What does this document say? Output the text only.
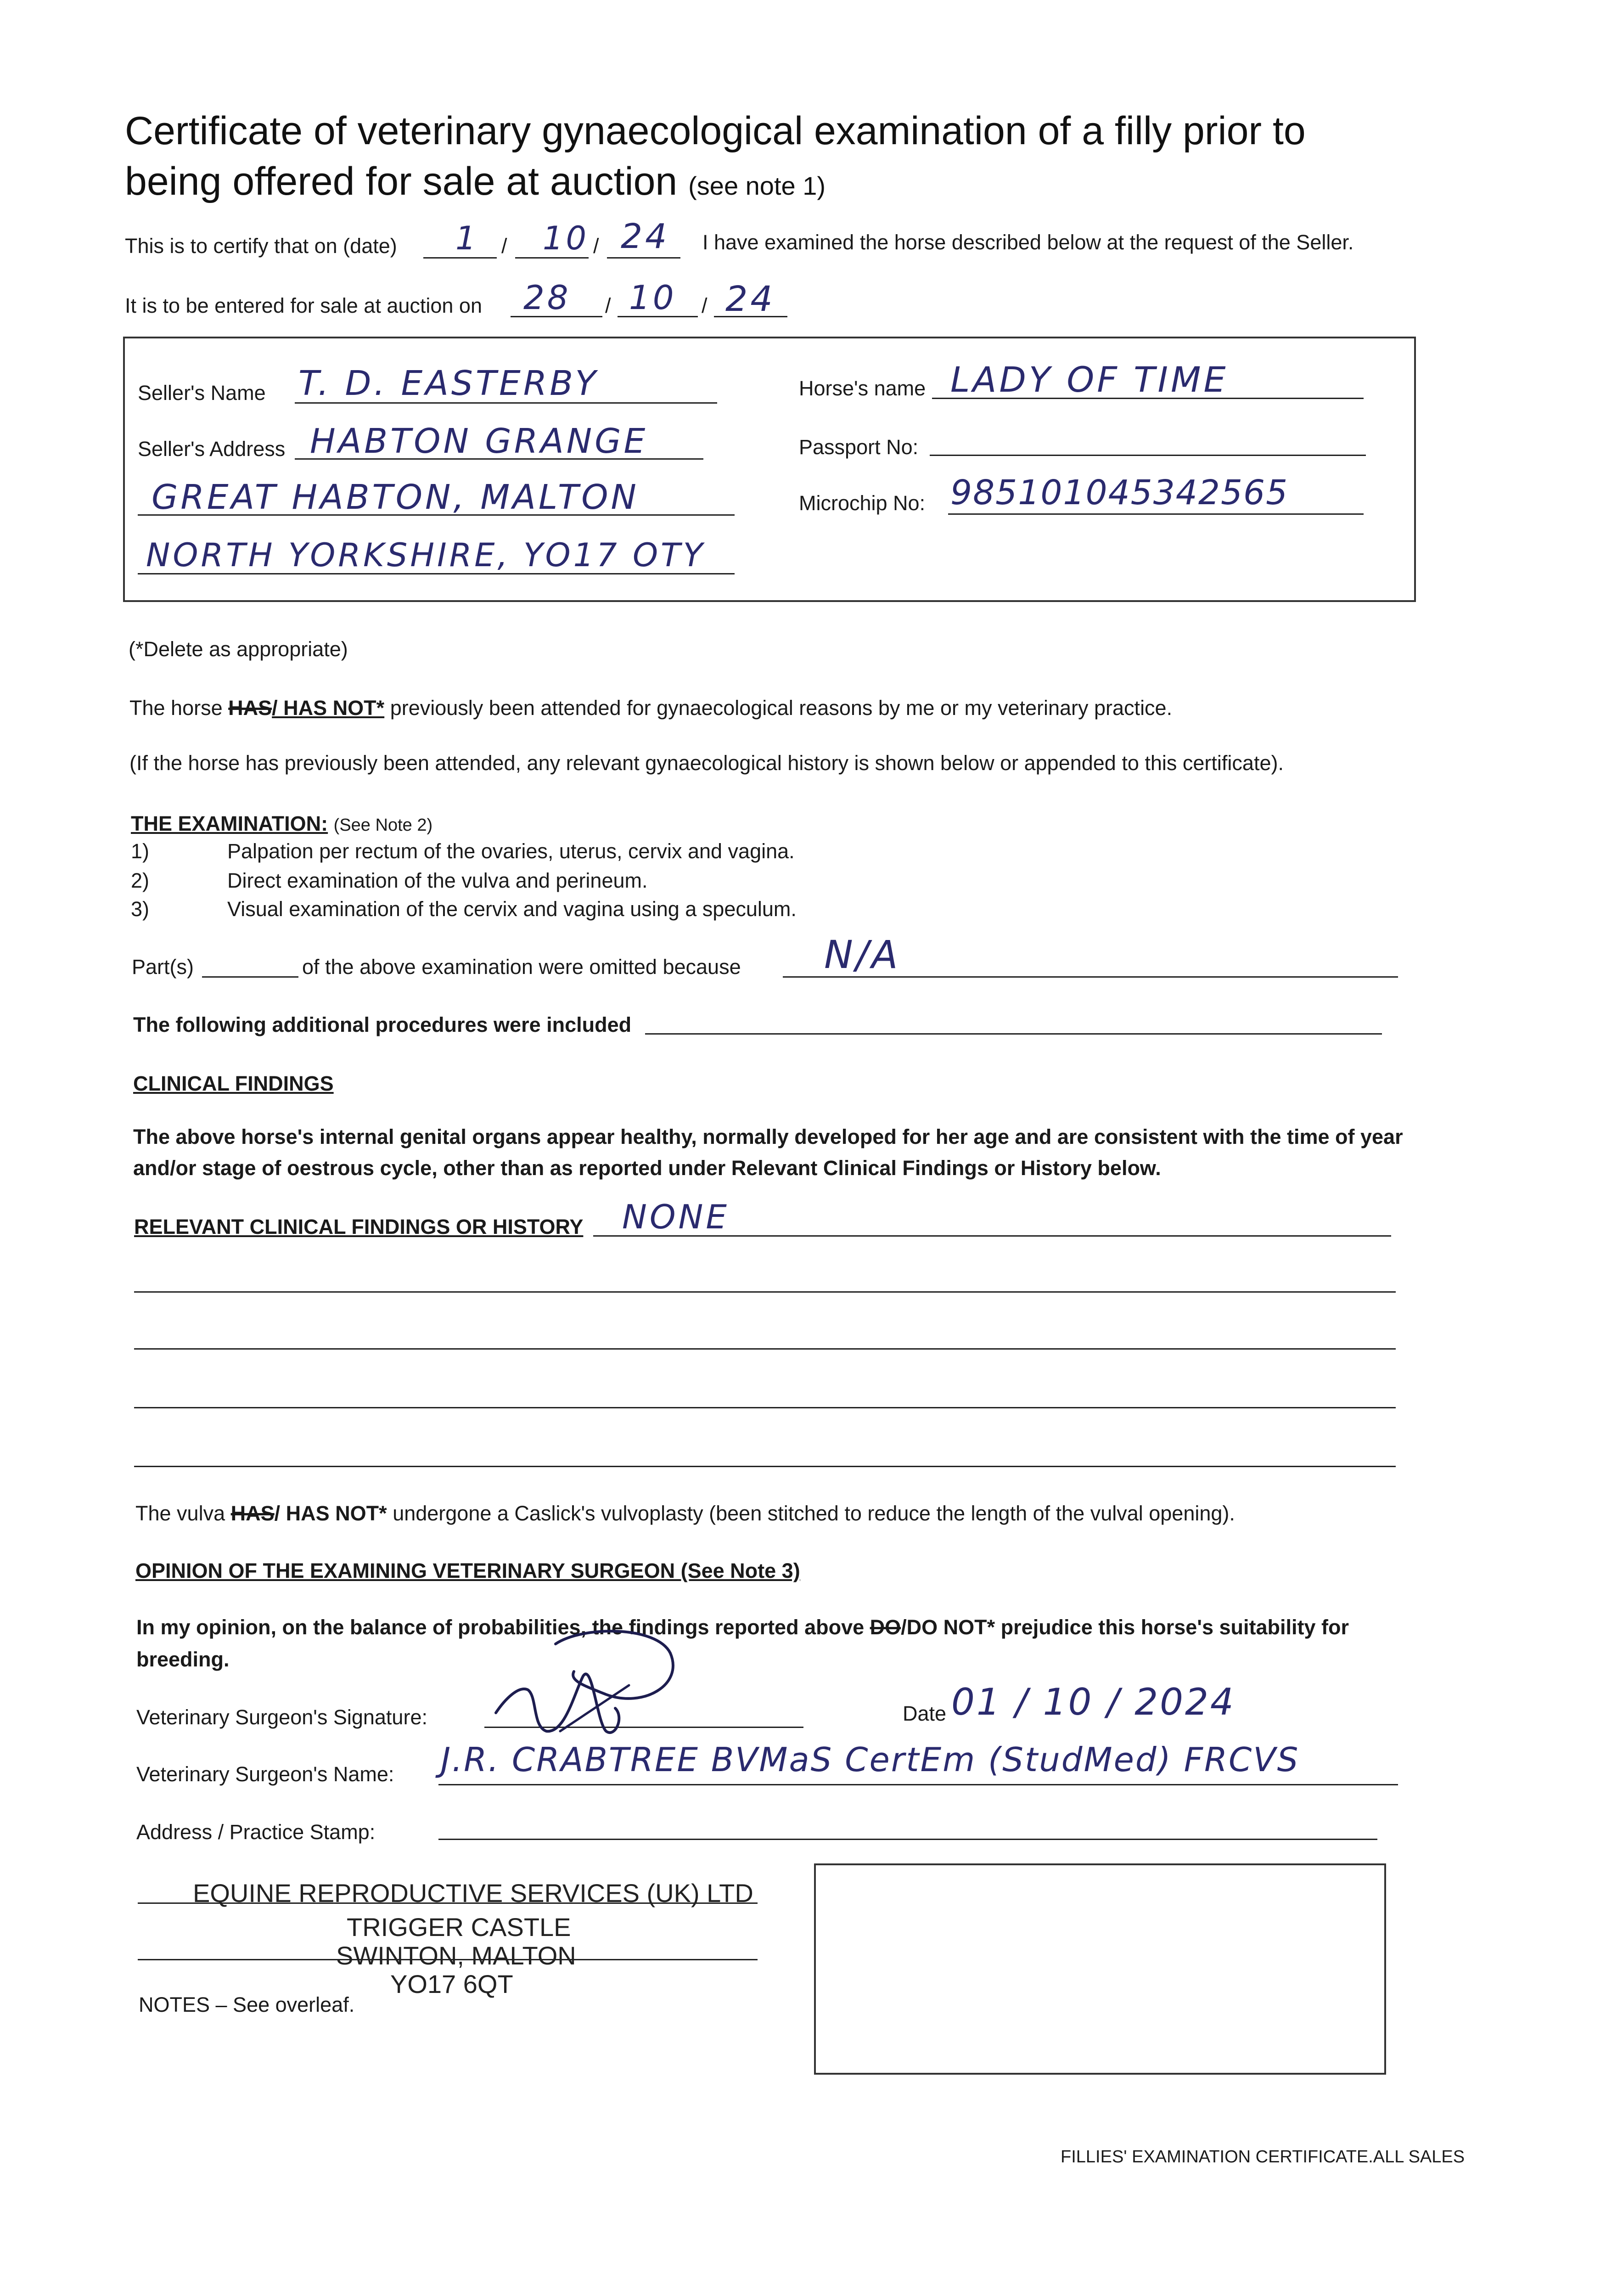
Certificate of veterinary gynaecological examination of a filly prior to
being offered for sale at auction (see note 1)
This is to certify that on (date) 1 / 10 / 24 I have examined the horse described below at the request of the Seller.
It is to be entered for sale at auction on 28 / 10 / 24
Seller's Name T. D. EASTERBY
Seller's Address HABTON GRANGE
GREAT HABTON, MALTON
NORTH YORKSHIRE, YO17 OTY
Horse's name LADY OF TIME
Passport No:
Microchip No: 985101045342565
(*Delete as appropriate)
The horse HAS/ HAS NOT* previously been attended for gynaecological reasons by me or my veterinary practice.
(If the horse has previously been attended, any relevant gynaecological history is shown below or appended to this certificate).
THE EXAMINATION: (See Note 2)
1)	Palpation per rectum of the ovaries, uterus, cervix and vagina.
2)	Direct examination of the vulva and perineum.
3)	Visual examination of the cervix and vagina using a speculum.
Part(s)	of the above examination were omitted because N/A
The following additional procedures were included
CLINICAL FINDINGS
The above horse's internal genital organs appear healthy, normally developed for her age and are consistent with the time of year
and/or stage of oestrous cycle, other than as reported under Relevant Clinical Findings or History below.
RELEVANT CLINICAL FINDINGS OR HISTORY NONE
The vulva HAS/ HAS NOT* undergone a Caslick's vulvoplasty (been stitched to reduce the length of the vulval opening).
OPINION OF THE EXAMINING VETERINARY SURGEON (See Note 3)
In my opinion, on the balance of probabilities, the findings reported above DO/DO NOT* prejudice this horse's suitability for
breeding.
Veterinary Surgeon's Signature:	Date 01 / 10 / 2024
Veterinary Surgeon's Name: J.R. CRABTREE BVMaS CertEm (StudMed) FRCVS
Address / Practice Stamp:
EQUINE REPRODUCTIVE SERVICES (UK) LTD
TRIGGER CASTLE
SWINTON, MALTON
YO17 6QT
NOTES – See overleaf.
FILLIES' EXAMINATION CERTIFICATE.ALL SALES
